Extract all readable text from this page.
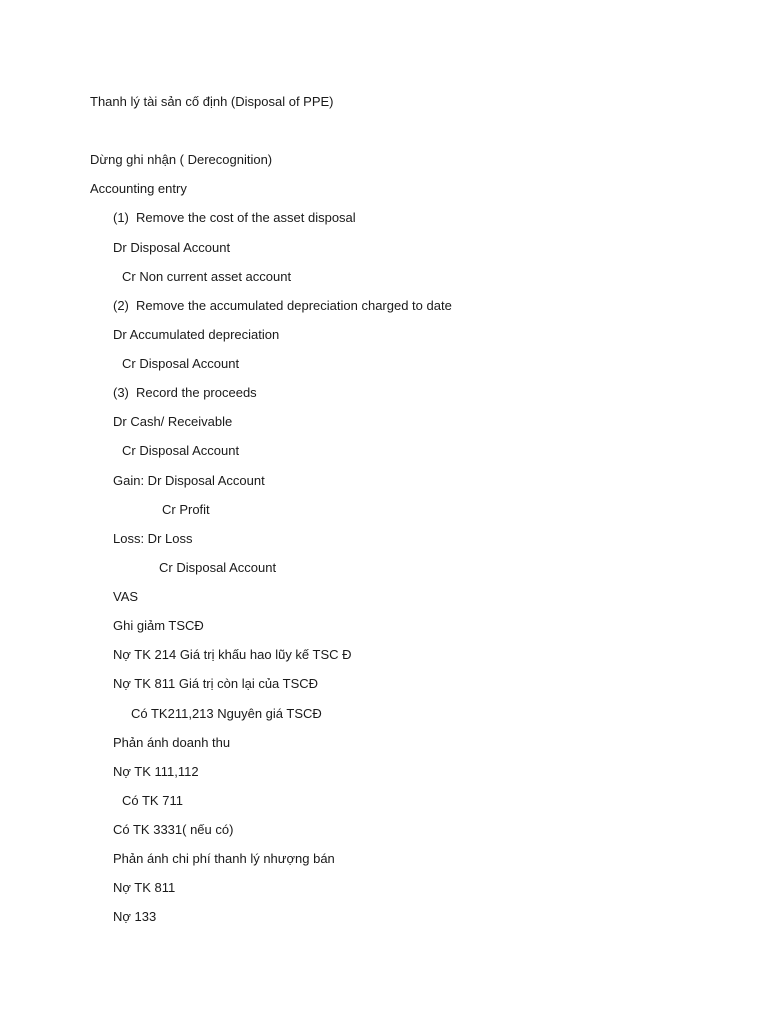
Thanh lý tài sản cố định (Disposal of PPE)

Dừng ghi nhận ( Derecognition)

Accounting entry

(1) Remove the cost of the asset disposal

Dr Disposal Account

Cr Non current asset account

(2) Remove the accumulated depreciation charged to date

Dr Accumulated depreciation

Cr Disposal Account

(3) Record the proceeds

Dr Cash/ Receivable

Cr Disposal Account

Gain: Dr Disposal Account

Cr Profit

Loss: Dr Loss

Cr Disposal Account

VAS

Ghi giảm TSCĐ

Nợ TK 214 Giá trị khấu hao lũy kế TSC Đ

Nợ TK 811 Giá trị còn lại của TSCĐ

Có TK211,213 Nguyên giá TSCĐ

Phản ánh doanh thu

Nợ TK 111,112

Có TK 711

Có TK 3331( nếu có)

Phản ánh chi phí thanh lý nhượng bán

Nợ TK 811

Nợ 133
